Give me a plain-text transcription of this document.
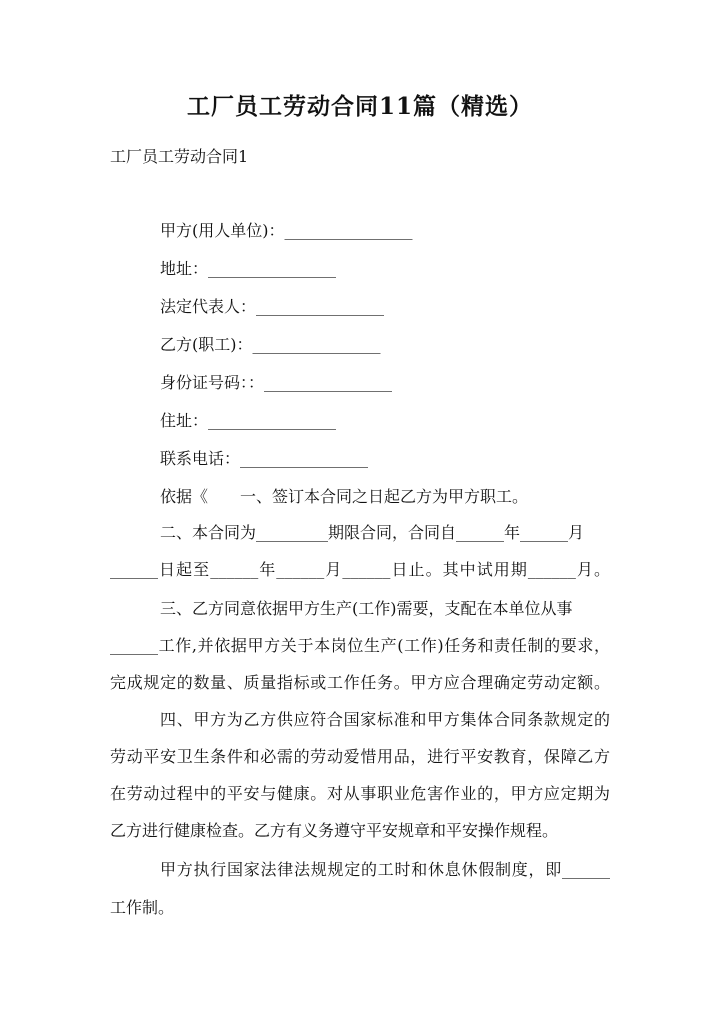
工厂员工劳动合同11篇（精选）
工厂员工劳动合同1
甲方(用人单位)：________________
地址：________________
法定代表人：________________
乙方(职工)：________________
身份证号码：：________________
住址：________________
联系电话：________________
依据《　　一、签订本合同之日起乙方为甲方职工。
二、本合同为_________期限合同，合同自______年______月
______日起至______年______月______日止。其中试用期______月。
三、乙方同意依据甲方生产(工作)需要，支配在本单位从事
______工作,并依据甲方关于本岗位生产(工作)任务和责任制的要求，
完成规定的数量、质量指标或工作任务。甲方应合理确定劳动定额。
四、甲方为乙方供应符合国家标准和甲方集体合同条款规定的
劳动平安卫生条件和必需的劳动爱惜用品，进行平安教育，保障乙方
在劳动过程中的平安与健康。对从事职业危害作业的，甲方应定期为
乙方进行健康检查。乙方有义务遵守平安规章和平安操作规程。
甲方执行国家法律法规规定的工时和休息休假制度，即______
工作制。
